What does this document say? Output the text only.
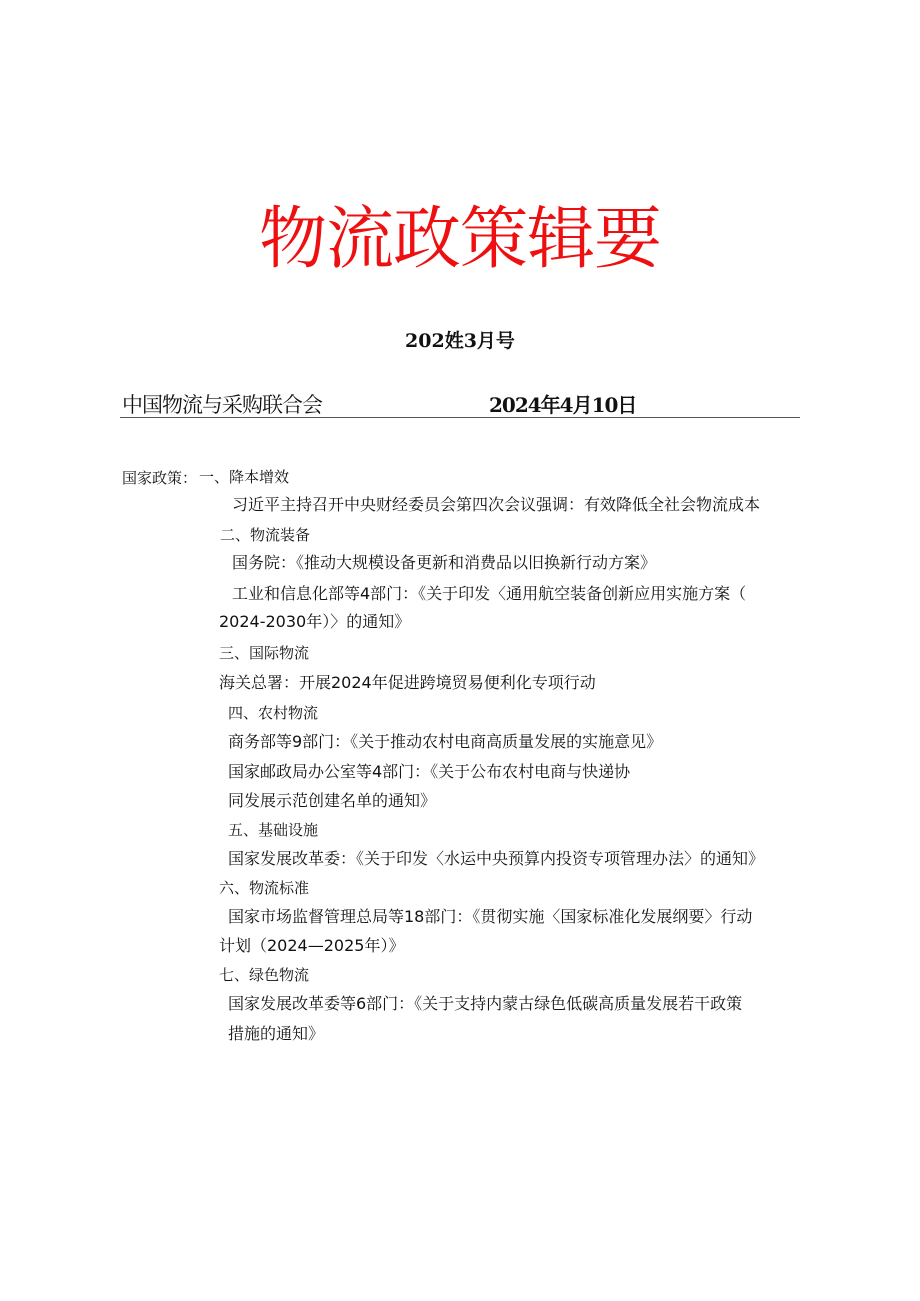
物流政策辑要
202姓3月号
中国物流与采购联合会	2024年4月10日
国家政策： 一、降本增效
习近平主持召开中央财经委员会第四次会议强调：有效降低全社会物流成本
二、物流装备
国务院：《推动大规模设备更新和消费品以旧换新行动方案》
工业和信息化部等4部门：《关于印发〈通用航空装备创新应用实施方案（
2024-2030年）〉的通知》
三、国际物流
海关总署：开展2024年促进跨境贸易便利化专项行动
四、农村物流
商务部等9部门：《关于推动农村电商高质量发展的实施意见》
国家邮政局办公室等4部门：《关于公布农村电商与快递协
同发展示范创建名单的通知》
五、基础设施
国家发展改革委：《关于印发〈水运中央预算内投资专项管理办法〉的通知》
六、物流标准
国家市场监督管理总局等18部门：《贯彻实施〈国家标准化发展纲要〉行动
计划（2024—2025年）》
七、绿色物流
国家发展改革委等6部门：《关于支持内蒙古绿色低碳高质量发展若干政策
措施的通知》
